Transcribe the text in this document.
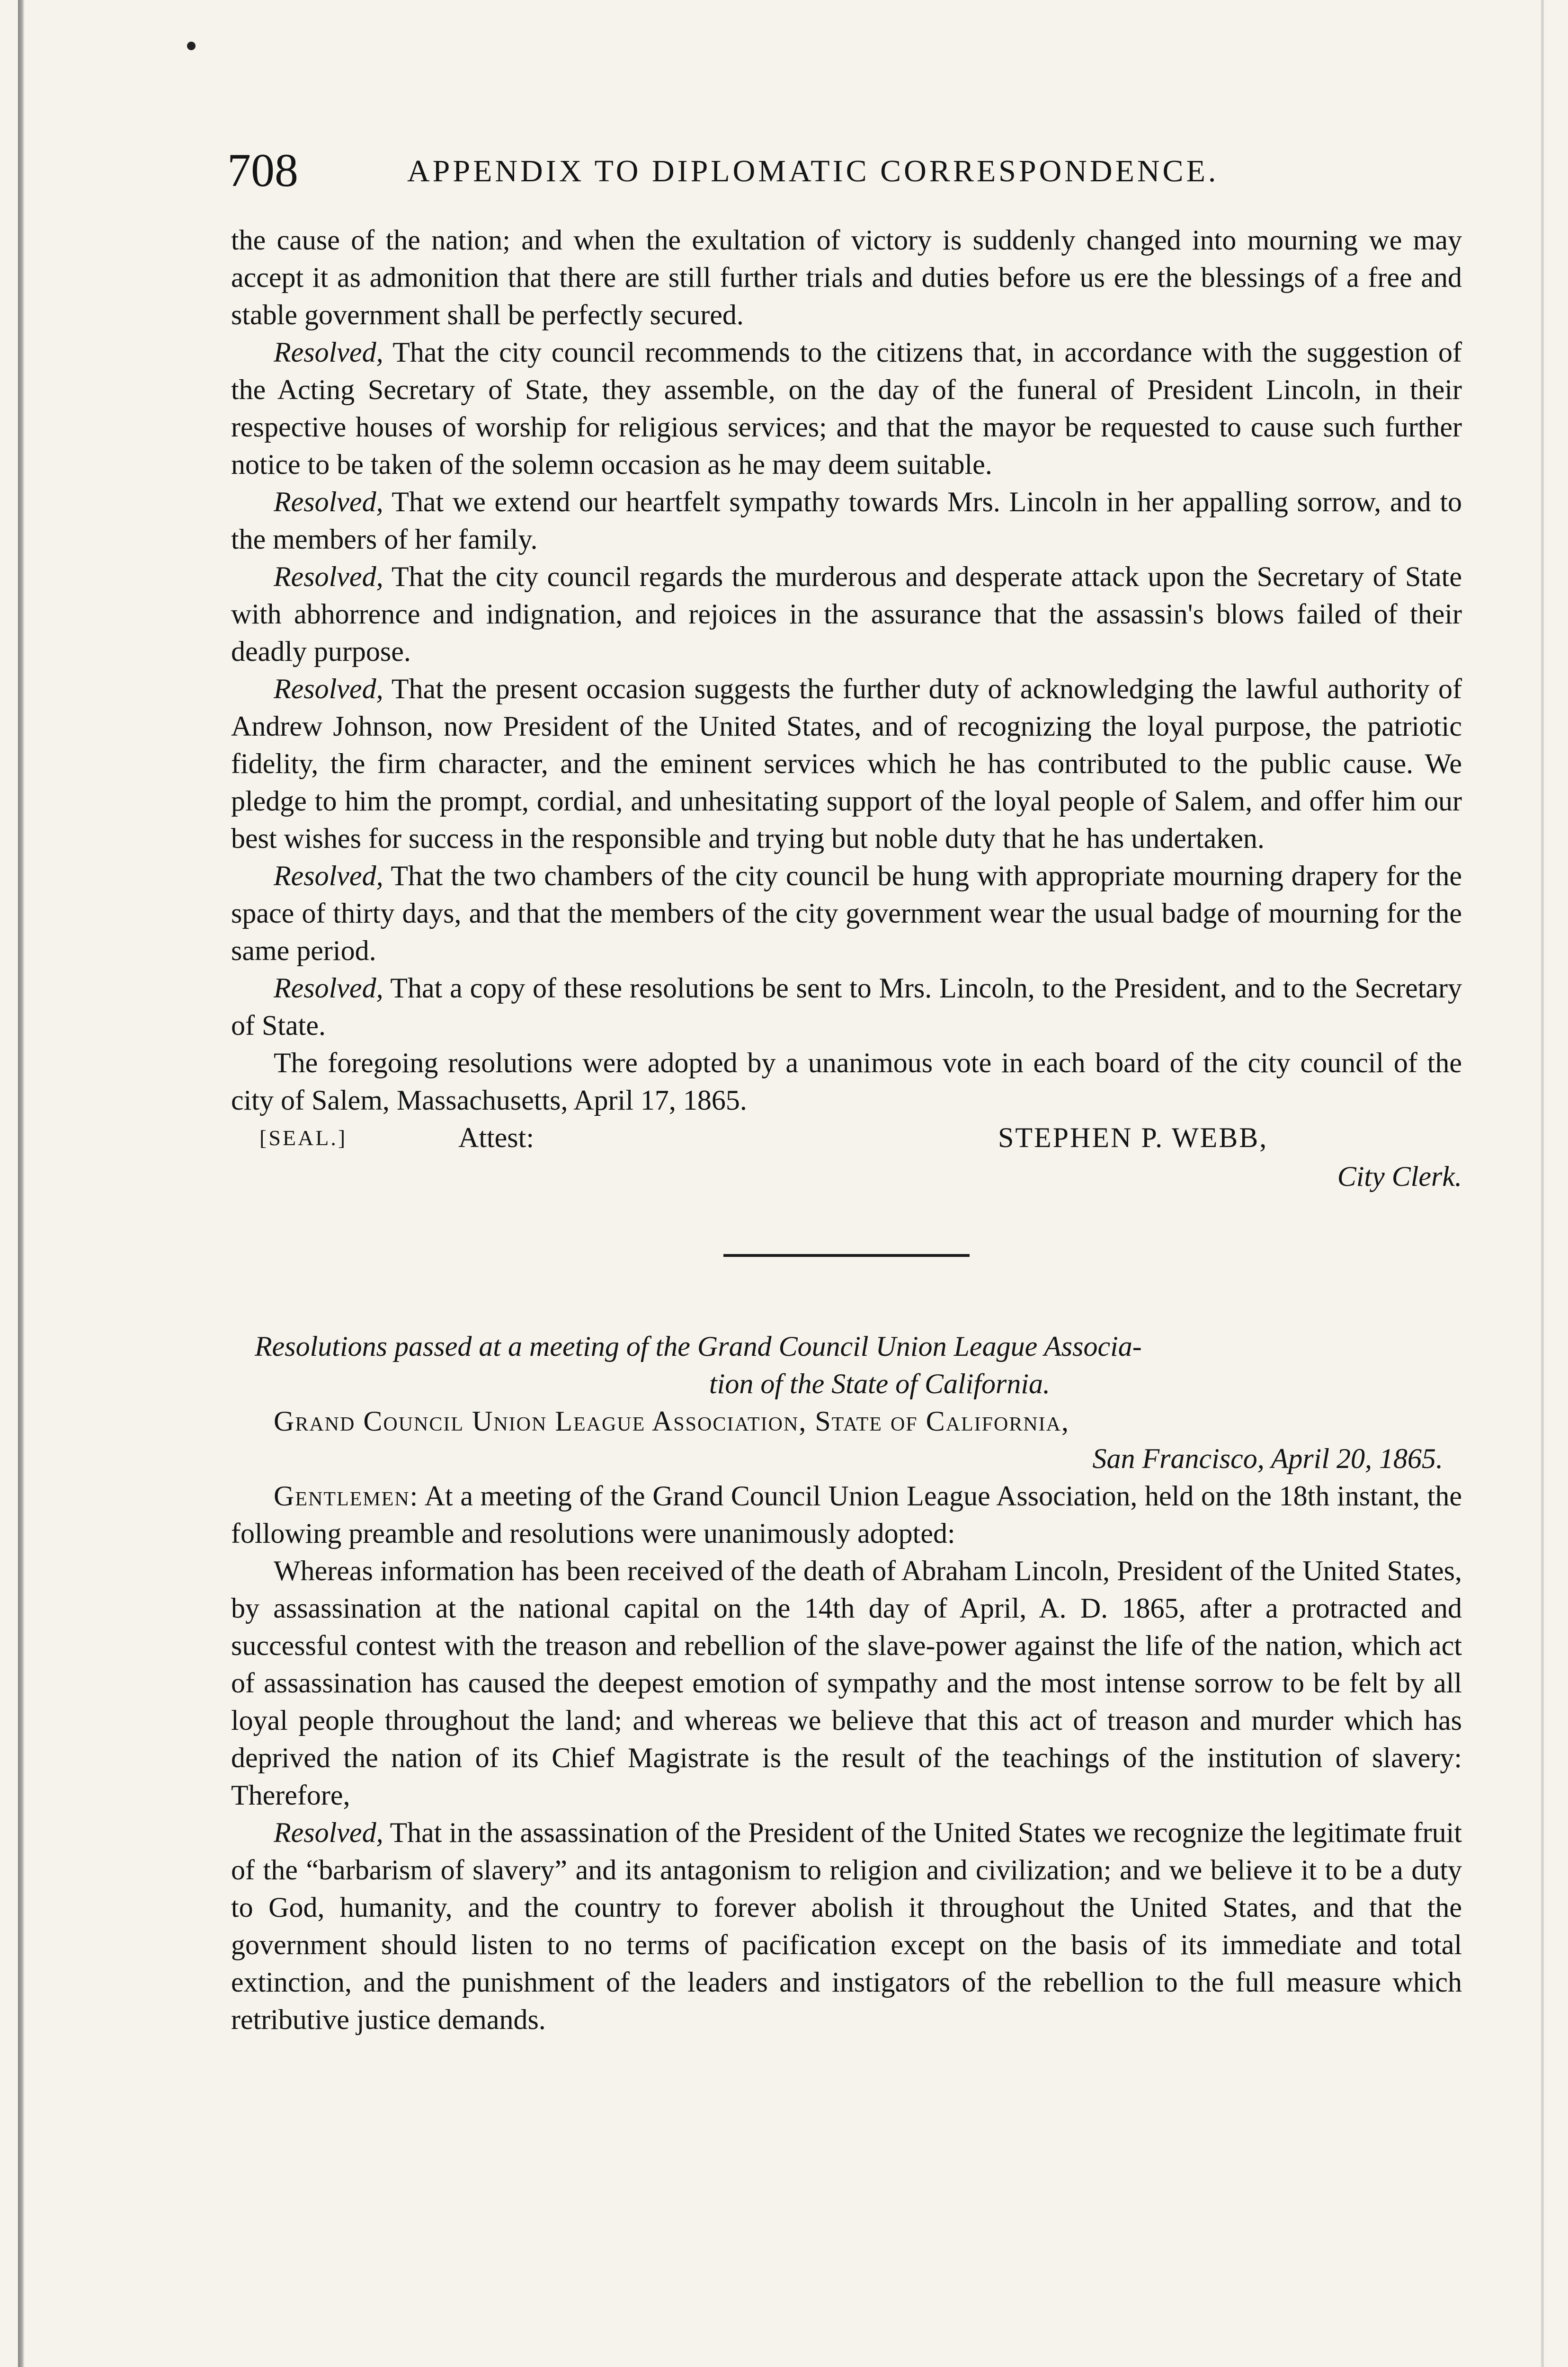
708	APPENDIX TO DIPLOMATIC CORRESPONDENCE.

the cause of the nation; and when the exultation of victory is suddenly changed into mourning we may accept it as admonition that there are still further trials and duties before us ere the blessings of a free and stable government shall be perfectly secured.

Resolved, That the city council recommends to the citizens that, in accordance with the suggestion of the Acting Secretary of State, they assemble, on the day of the funeral of President Lincoln, in their respective houses of worship for religious services; and that the mayor be requested to cause such further notice to be taken of the solemn occasion as he may deem suitable.

Resolved, That we extend our heartfelt sympathy towards Mrs. Lincoln in her appalling sorrow, and to the members of her family.

Resolved, That the city council regards the murderous and desperate attack upon the Secretary of State with abhorrence and indignation, and rejoices in the assurance that the assassin's blows failed of their deadly purpose.

Resolved, That the present occasion suggests the further duty of acknowledging the lawful authority of Andrew Johnson, now President of the United States, and of recognizing the loyal purpose, the patriotic fidelity, the firm character, and the eminent services which he has contributed to the public cause. We pledge to him the prompt, cordial, and unhesitating support of the loyal people of Salem, and offer him our best wishes for success in the responsible and trying but noble duty that he has undertaken.

Resolved, That the two chambers of the city council be hung with appropriate mourning drapery for the space of thirty days, and that the members of the city government wear the usual badge of mourning for the same period.

Resolved, That a copy of these resolutions be sent to Mrs. Lincoln, to the President, and to the Secretary of State.

The foregoing resolutions were adopted by a unanimous vote in each board of the city council of the city of Salem, Massachusetts, April 17, 1865.

[SEAL.]	Attest:	STEPHEN P. WEBB,
City Clerk.

Resolutions passed at a meeting of the Grand Council Union League Associa-
tion of the State of California.

Grand Council Union League Association, State of California,

San Francisco, April 20, 1865.

Gentlemen: At a meeting of the Grand Council Union League Association, held on the 18th instant, the following preamble and resolutions were unanimously adopted:

Whereas information has been received of the death of Abraham Lincoln, President of the United States, by assassination at the national capital on the 14th day of April, A. D. 1865, after a protracted and successful contest with the treason and rebellion of the slave-power against the life of the nation, which act of assassination has caused the deepest emotion of sympathy and the most intense sorrow to be felt by all loyal people throughout the land; and whereas we believe that this act of treason and murder which has deprived the nation of its Chief Magistrate is the result of the teachings of the institution of slavery: Therefore,

Resolved, That in the assassination of the President of the United States we recognize the legitimate fruit of the “barbarism of slavery” and its antagonism to religion and civilization; and we believe it to be a duty to God, humanity, and the country to forever abolish it throughout the United States, and that the government should listen to no terms of pacification except on the basis of its immediate and total extinction, and the punishment of the leaders and instigators of the rebellion to the full measure which retributive justice demands.
